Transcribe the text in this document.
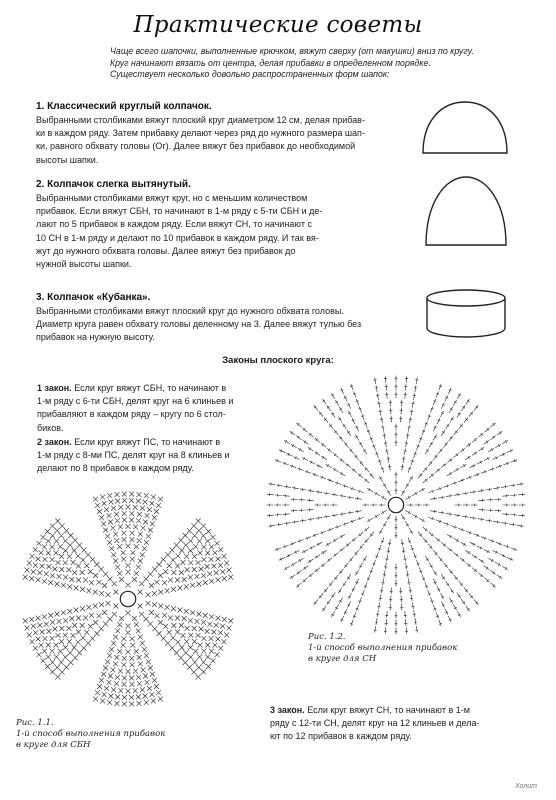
Практические советы
Чаще всего шапочки, выполненные крючком, вяжут сверху (от макушки) вниз по кругу.
Круг начинают вязать от центра, делая прибавки в определенном порядке.
Существует несколько довольно распространенных форм шапок:
1. Классический круглый колпачок.
Выбранными столбиками вяжут плоский круг диаметром 12 см, делая прибав-
ки в каждом ряду. Затем прибавку делают через ряд до нужного размера шап-
ки, равного обхвату головы (Ог). Далее вяжут без прибавок до необходимой
высоты шапки.
2. Колпачок слегка вытянутый.
Выбранными столбиками вяжут круг, но с меньшим количеством
прибавок. Если вяжут СБН, то начинают в 1-м ряду с 5-ти СБН и де-
лают по 5 прибавок в каждом ряду. Если вяжут СН, то начинают с
10 СН в 1-м ряду и делают по 10 прибавок в каждом ряду. И так вя-
жут до нужного обхвата головы. Далее вяжут без прибавок до
нужной высоты шапки.
3. Колпачок «Кубанка».
Выбранными столбиками вяжут плоский круг до нужного обхвата головы.
Диаметр круга равен обхвату головы деленному на 3. Далее вяжут тулью без
прибавок на нужную высоту.
Законы плоского круга:
1 закон. Если круг вяжут СБН, то начинают в
1-м ряду с 6-ти СБН, делят круг на 6 клиньев и
прибавляют в каждом ряду – кругу по 6 стол-
биков.
2 закон. Если круг вяжут ПС, то начинают в
1-м ряду с 8-ми ПС, делят круг на 8 клиньев и
делают по 8 прибавок в каждом ряду.
Рис. 1.2.
1-й способ выполнения прибавок
в круге для СН
Рис. 1.1.
1-й способ выполнения прибавок
в круге для СБН
3 закон. Если круг вяжут СН, то начинают в 1-м
ряду с 12-ти СН, делят круг на 12 клиньев и дела-
ют по 12 прибавок в каждом ряду.
Холит
